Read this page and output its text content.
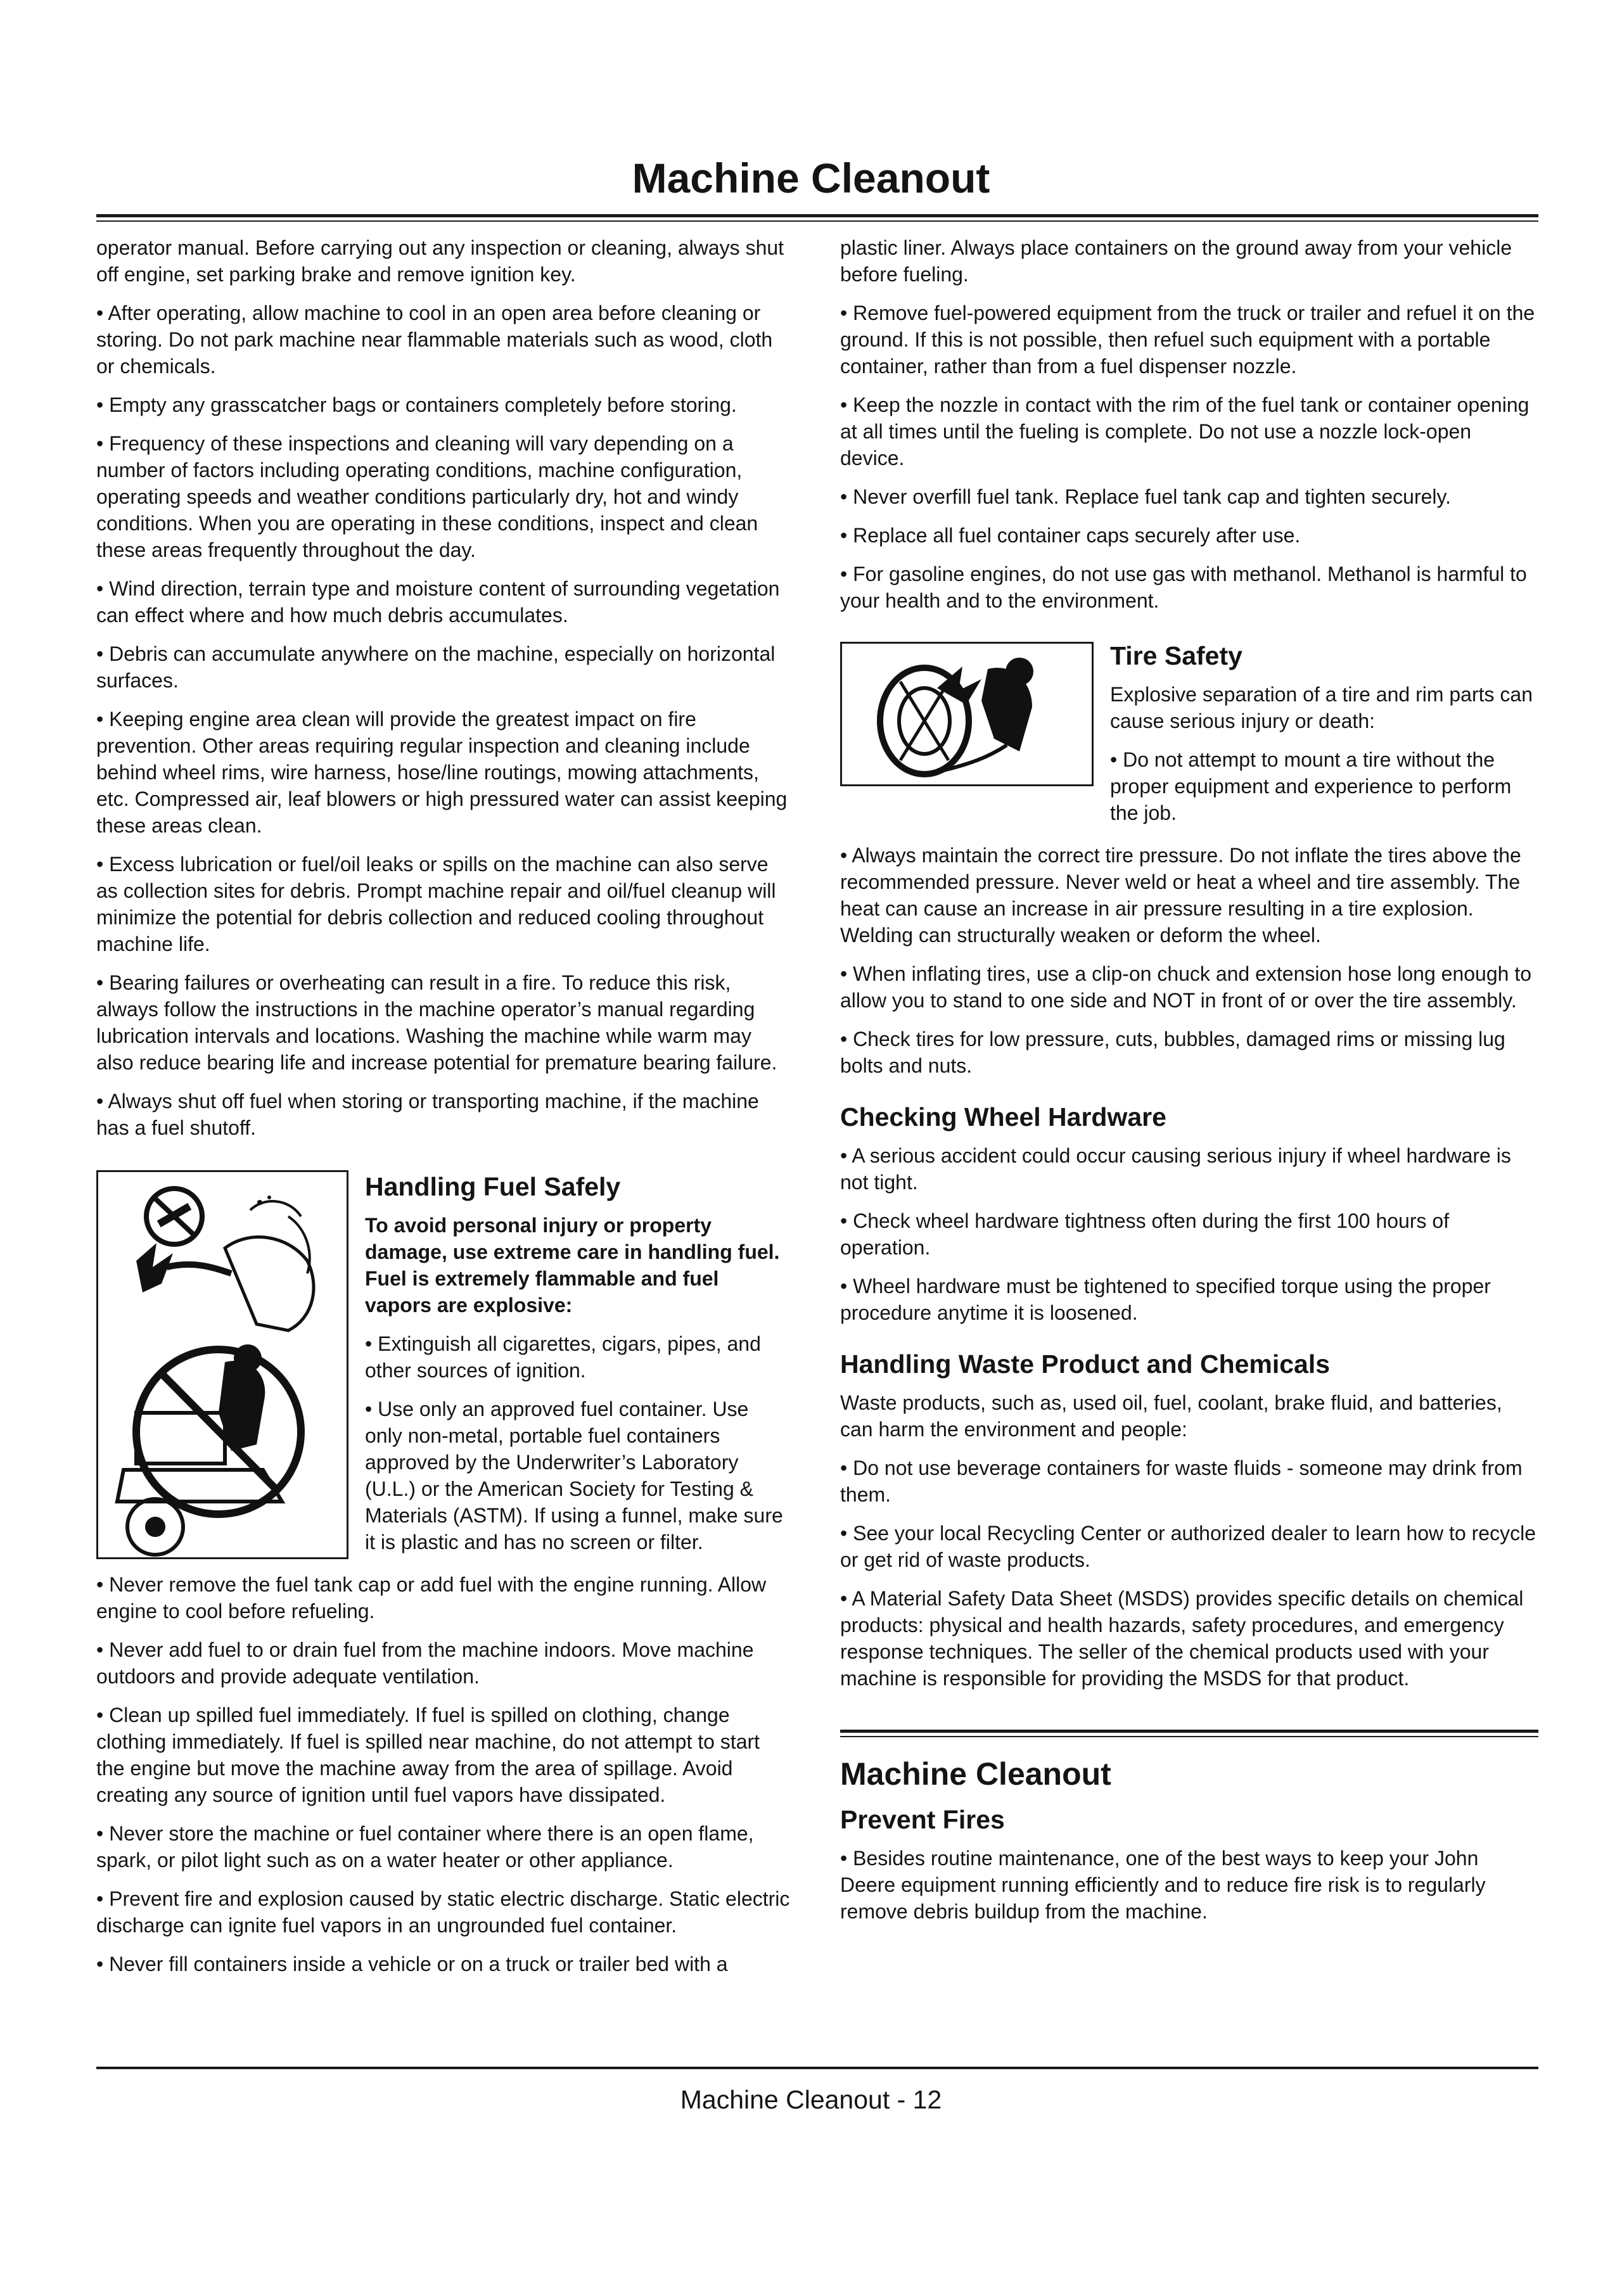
Machine Cleanout

operator manual. Before carrying out any inspection or cleaning, always shut off engine, set parking brake and remove ignition key.

• After operating, allow machine to cool in an open area before cleaning or storing. Do not park machine near flammable materials such as wood, cloth or chemicals.

• Empty any grasscatcher bags or containers completely before storing.

• Frequency of these inspections and cleaning will vary depending on a number of factors including operating conditions, machine configuration, operating speeds and weather conditions particularly dry, hot and windy conditions. When you are operating in these conditions, inspect and clean these areas frequently throughout the day.

• Wind direction, terrain type and moisture content of surrounding vegetation can effect where and how much debris accumulates.

• Debris can accumulate anywhere on the machine, especially on horizontal surfaces.

• Keeping engine area clean will provide the greatest impact on fire prevention. Other areas requiring regular inspection and cleaning include behind wheel rims, wire harness, hose/line routings, mowing attachments, etc. Compressed air, leaf blowers or high pressured water can assist keeping these areas clean.

• Excess lubrication or fuel/oil leaks or spills on the machine can also serve as collection sites for debris. Prompt machine repair and oil/fuel cleanup will minimize the potential for debris collection and reduced cooling throughout machine life.

• Bearing failures or overheating can result in a fire. To reduce this risk, always follow the instructions in the machine operator’s manual regarding lubrication intervals and locations. Washing the machine while warm may also reduce bearing life and increase potential for premature bearing failure.

• Always shut off fuel when storing or transporting machine, if the machine has a fuel shutoff.

Handling Fuel Safely

To avoid personal injury or property damage, use extreme care in handling fuel. Fuel is extremely flammable and fuel vapors are explosive:

• Extinguish all cigarettes, cigars, pipes, and other sources of ignition.

• Use only an approved fuel container. Use only non-metal, portable fuel containers approved by the Underwriter’s Laboratory (U.L.) or the American Society for Testing & Materials (ASTM). If using a funnel, make sure it is plastic and has no screen or filter.

• Never remove the fuel tank cap or add fuel with the engine running. Allow engine to cool before refueling.

• Never add fuel to or drain fuel from the machine indoors. Move machine outdoors and provide adequate ventilation.

• Clean up spilled fuel immediately. If fuel is spilled on clothing, change clothing immediately. If fuel is spilled near machine, do not attempt to start the engine but move the machine away from the area of spillage. Avoid creating any source of ignition until fuel vapors have dissipated.

• Never store the machine or fuel container where there is an open flame, spark, or pilot light such as on a water heater or other appliance.

• Prevent fire and explosion caused by static electric discharge. Static electric discharge can ignite fuel vapors in an ungrounded fuel container.

• Never fill containers inside a vehicle or on a truck or trailer bed with a

plastic liner. Always place containers on the ground away from your vehicle before fueling.

• Remove fuel-powered equipment from the truck or trailer and refuel it on the ground. If this is not possible, then refuel such equipment with a portable container, rather than from a fuel dispenser nozzle.

• Keep the nozzle in contact with the rim of the fuel tank or container opening at all times until the fueling is complete. Do not use a nozzle lock-open device.

• Never overfill fuel tank. Replace fuel tank cap and tighten securely.

• Replace all fuel container caps securely after use.

• For gasoline engines, do not use gas with methanol. Methanol is harmful to your health and to the environment.

Tire Safety

Explosive separation of a tire and rim parts can cause serious injury or death:

• Do not attempt to mount a tire without the proper equipment and experience to perform the job.

• Always maintain the correct tire pressure. Do not inflate the tires above the recommended pressure. Never weld or heat a wheel and tire assembly. The heat can cause an increase in air pressure resulting in a tire explosion. Welding can structurally weaken or deform the wheel.

• When inflating tires, use a clip-on chuck and extension hose long enough to allow you to stand to one side and NOT in front of or over the tire assembly.

• Check tires for low pressure, cuts, bubbles, damaged rims or missing lug bolts and nuts.

Checking Wheel Hardware

• A serious accident could occur causing serious injury if wheel hardware is not tight.

• Check wheel hardware tightness often during the first 100 hours of operation.

• Wheel hardware must be tightened to specified torque using the proper procedure anytime it is loosened.

Handling Waste Product and Chemicals

Waste products, such as, used oil, fuel, coolant, brake fluid, and batteries, can harm the environment and people:

• Do not use beverage containers for waste fluids - someone may drink from them.

• See your local Recycling Center or authorized dealer to learn how to recycle or get rid of waste products.

• A Material Safety Data Sheet (MSDS) provides specific details on chemical products: physical and health hazards, safety procedures, and emergency response techniques. The seller of the chemical products used with your machine is responsible for providing the MSDS for that product.

Machine Cleanout
Prevent Fires

• Besides routine maintenance, one of the best ways to keep your John Deere equipment running efficiently and to reduce fire risk is to regularly remove debris buildup from the machine.

Machine Cleanout - 12
